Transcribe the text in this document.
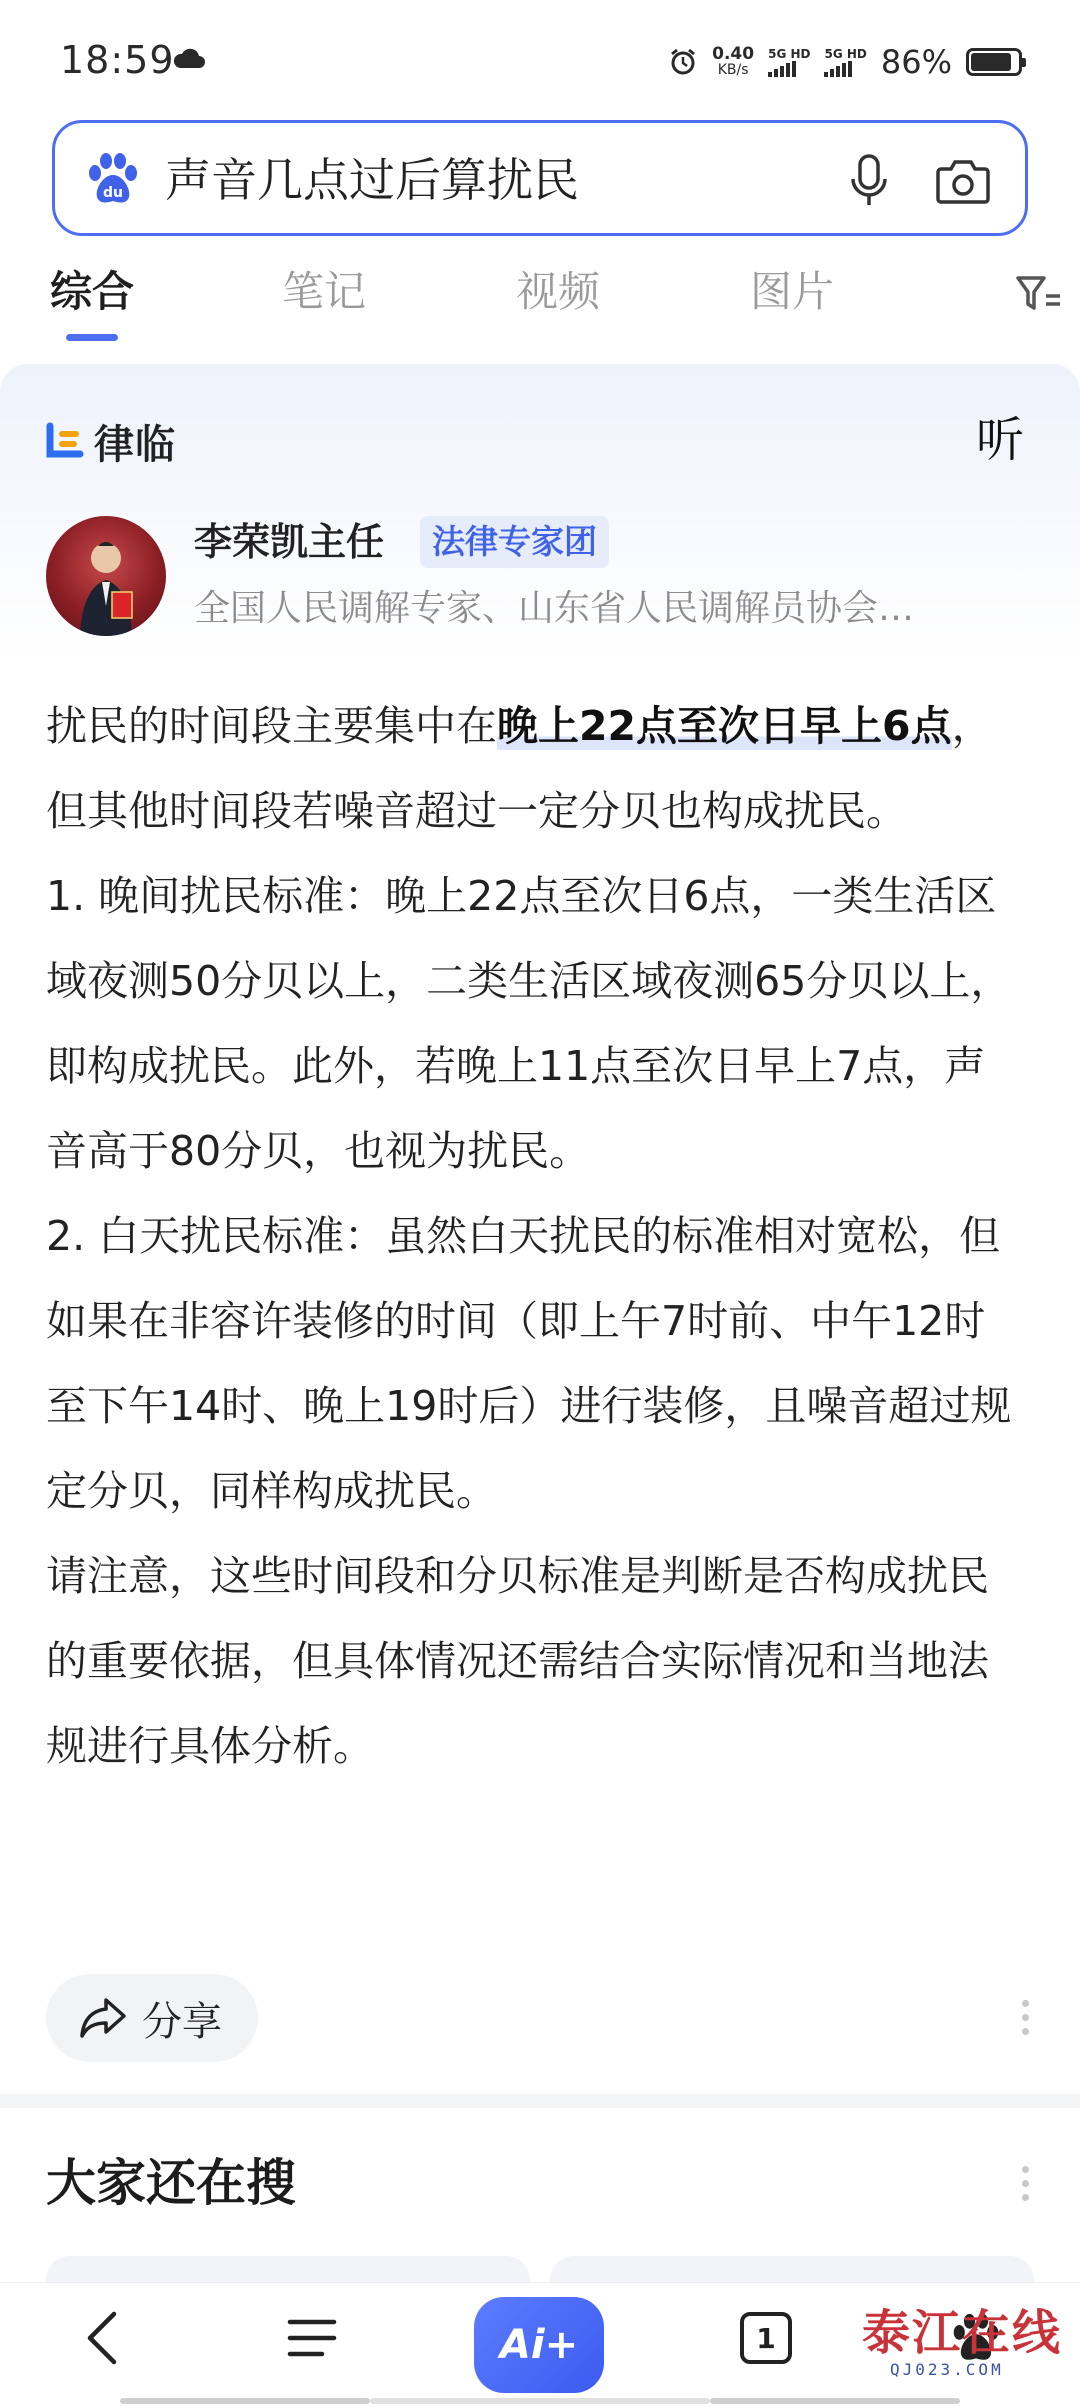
18:59	0.40
KB/s
5G HD 5G HD 86%
du 声音几点过后算扰民
综合	笔记	视频	图片
律临	听
李荣凯主任	法律专家团
全国人民调解专家、山东省人民调解员协会…

扰民的时间段主要集中在晚上22点至次日早上6点，但其他时间段若噪音超过一定分贝也构成扰民。

1. 晚间扰民标准：晚上22点至次日6点，一类生活区域夜测50分贝以上，二类生活区域夜测65分贝以上，即构成扰民。此外，若晚上11点至次日早上7点，声音高于80分贝，也视为扰民。

2. 白天扰民标准：虽然白天扰民的标准相对宽松，但如果在非容许装修的时间（即上午7时前、中午12时至下午14时、晚上19时后）进行装修，且噪音超过规定分贝，同样构成扰民。

请注意，这些时间段和分贝标准是判断是否构成扰民的重要依据，但具体情况还需结合实际情况和当地法规进行具体分析。

分享
大家还在搜
Ai+	1	泰江在线
QJ023.COM
